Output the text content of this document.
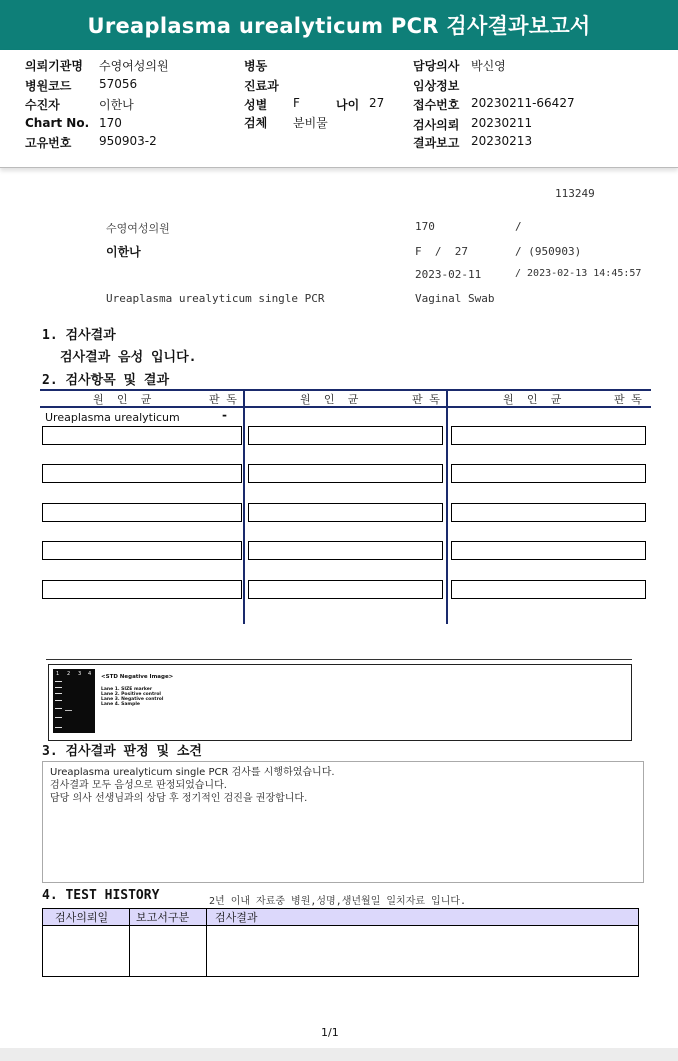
Ureaplasma urealyticum PCR 검사결과보고서
의뢰기관명 수영여성의원
병원코드 57056
수진자	이한나
Chart No. 170
고유번호 950903-2
병동
진료과
성별 F	나이 27
검체 분비물
담당의사 박신영
임상정보
접수번호 20230211-66427
검사의뢰 20230211
결과보고 20230213
113249
수영여성의원	170	/
이한나	F  /  27	/ (950903)
2023-02-11	/ 2023-02-13 14:45:57
Ureaplasma urealyticum single PCR	Vaginal Swab
1. 검사결과
검사결과 음성 입니다.
2. 검사항목 및 결과
원  인  균	판 독	원  인  균	판 독	원  인  균	판 독
Ureaplasma urealyticum	-
1 2 3 4 <STD Negative Image>
Lane 1. SIZE marker
Lane 2. Positive control
Lane 3. Negative control
Lane 4. Sample
3. 검사결과 판정 및 소견
Ureaplasma urealyticum single PCR 검사를 시행하였습니다.
검사결과 모두 음성으로 판정되었습니다.
담당 의사 선생님과의 상담 후 정기적인 검진을 권장합니다.
4. TEST HISTORY	2년 이내 자료중 병원,성명,생년월일 일치자료 입니다.
검사의뢰일	보고서구분	검사결과
1/1
